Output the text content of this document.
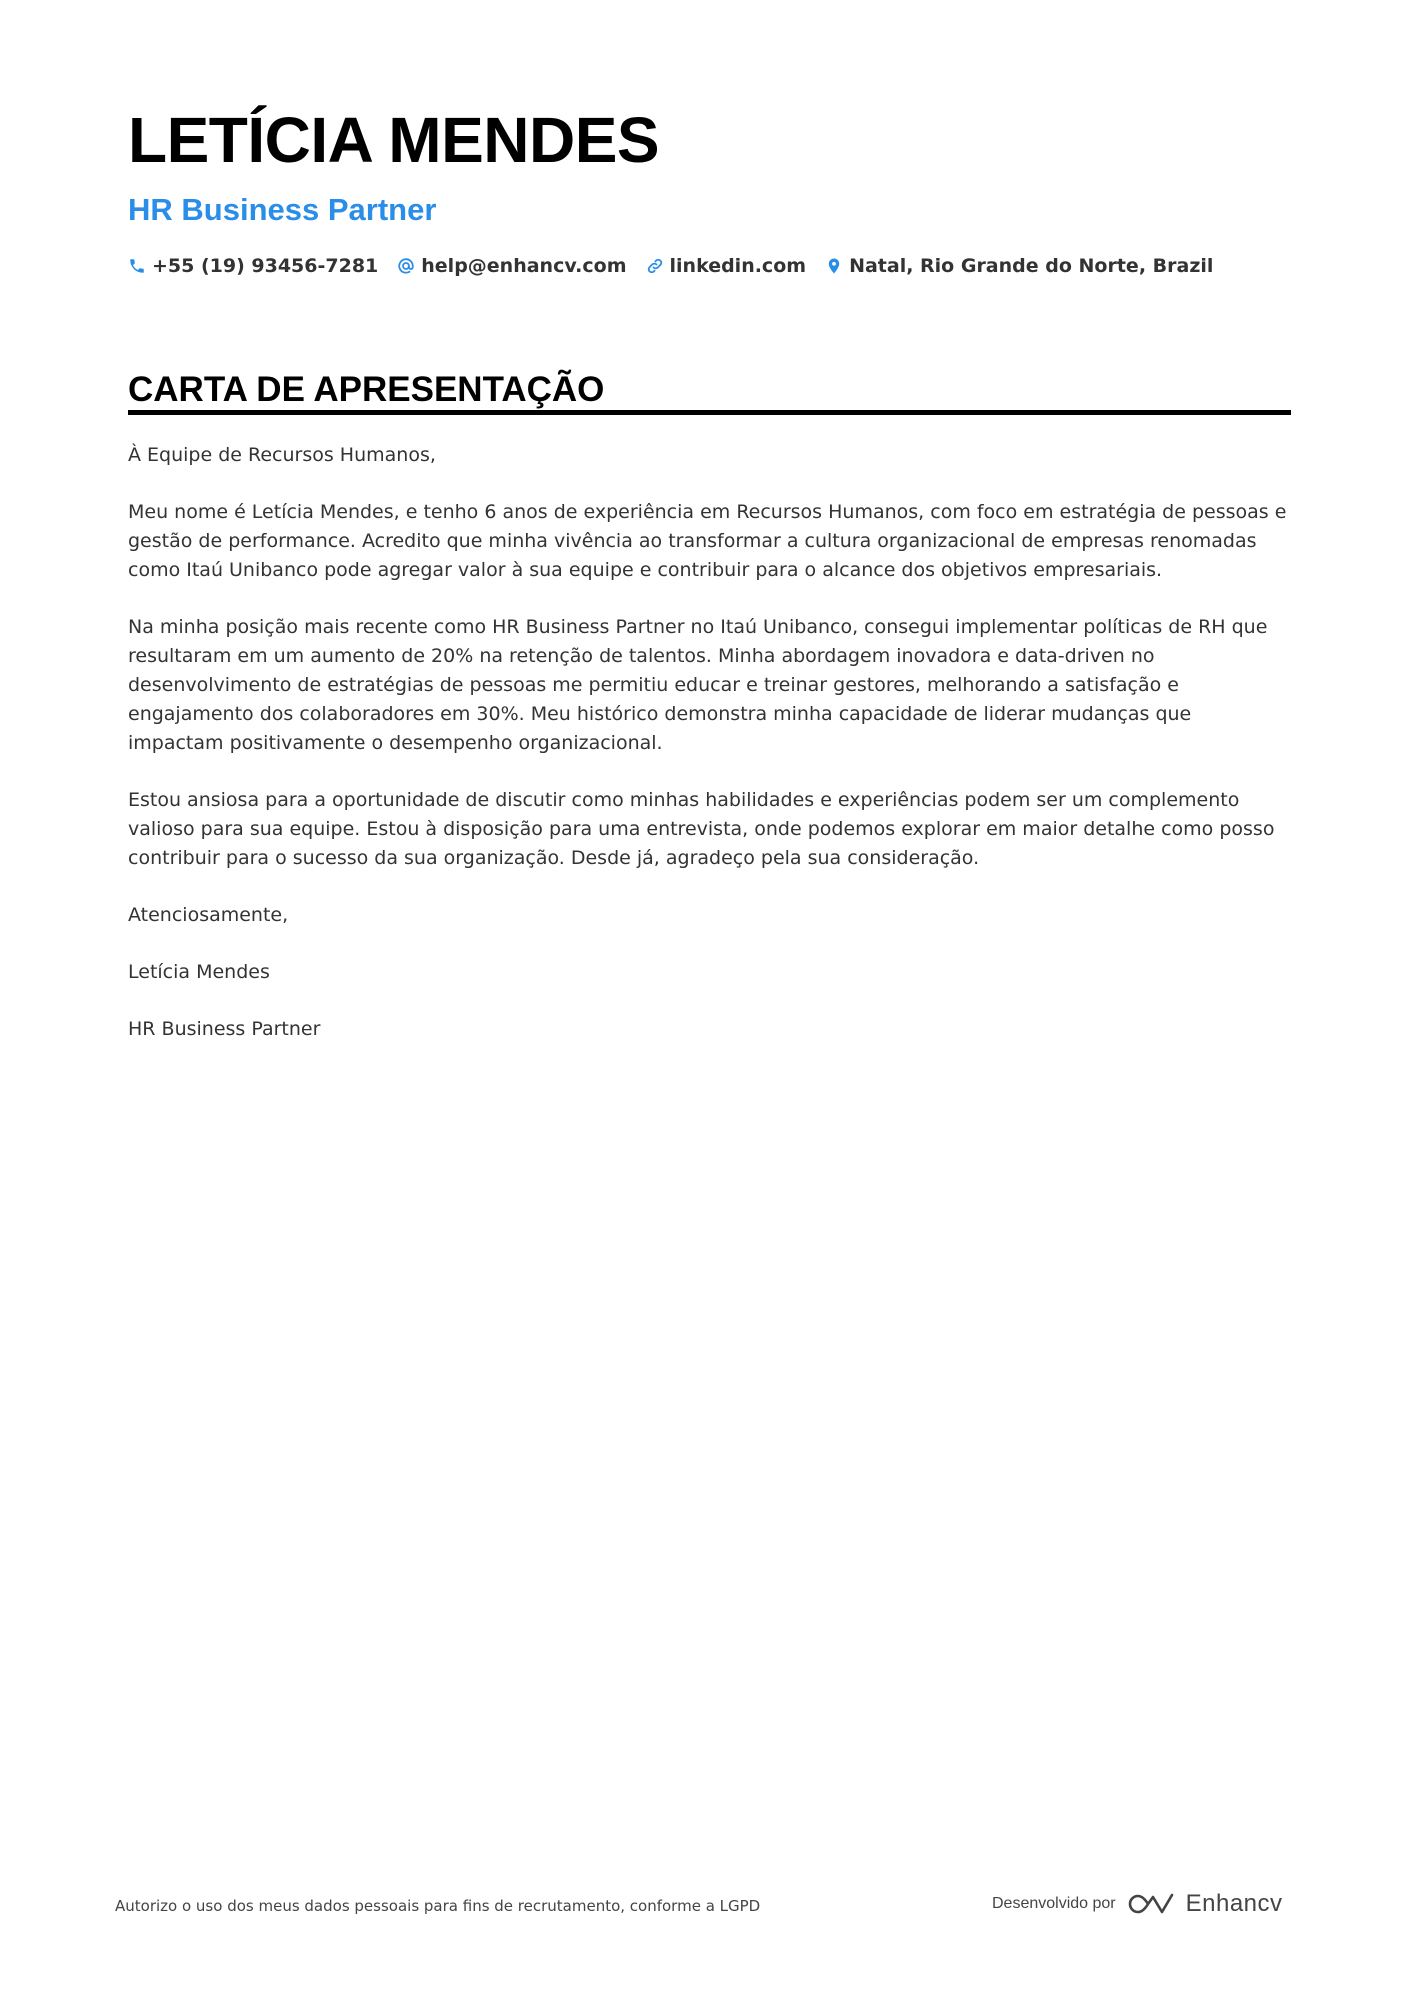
LETÍCIA MENDES
HR Business Partner
+55 (19) 93456-7281 help@enhancv.com linkedin.com Natal, Rio Grande do Norte, Brazil
CARTA DE APRESENTAÇÃO

À Equipe de Recursos Humanos,

Meu nome é Letícia Mendes, e tenho 6 anos de experiência em Recursos Humanos, com foco em estratégia de pessoas e gestão de performance. Acredito que minha vivência ao transformar a cultura organizacional de empresas renomadas como Itaú Unibanco pode agregar valor à sua equipe e contribuir para o alcance dos objetivos empresariais.

Na minha posição mais recente como HR Business Partner no Itaú Unibanco, consegui implementar políticas de RH que resultaram em um aumento de 20% na retenção de talentos. Minha abordagem inovadora e data-driven no desenvolvimento de estratégias de pessoas me permitiu educar e treinar gestores, melhorando a satisfação e engajamento dos colaboradores em 30%. Meu histórico demonstra minha capacidade de liderar mudanças que impactam positivamente o desempenho organizacional.

Estou ansiosa para a oportunidade de discutir como minhas habilidades e experiências podem ser um complemento valioso para sua equipe. Estou à disposição para uma entrevista, onde podemos explorar em maior detalhe como posso contribuir para o sucesso da sua organização. Desde já, agradeço pela sua consideração.

Atenciosamente,

Letícia Mendes

HR Business Partner

Autorizo o uso dos meus dados pessoais para fins de recrutamento, conforme a LGPD	Desenvolvido por	Enhancv
